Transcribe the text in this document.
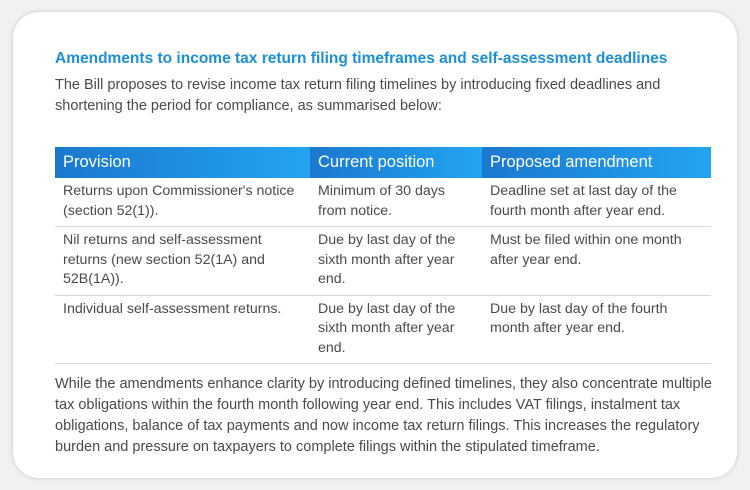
Amendments to income tax return filing timeframes and self-assessment deadlines
The Bill proposes to revise income tax return filing timelines by introducing fixed deadlines and shortening the period for compliance, as summarised below:
Provision	Current position	Proposed amendment
Returns upon Commissioner's notice (section 52(1)).	Minimum of 30 days from notice.	Deadline set at last day of the fourth month after year end.
Nil returns and self-assessment returns (new section 52(1A) and 52B(1A)).	Due by last day of the sixth month after year end.	Must be filed within one month after year end.
Individual self-assessment returns.	Due by last day of the sixth month after year end.	Due by last day of the fourth month after year end.
While the amendments enhance clarity by introducing defined timelines, they also concentrate multiple tax obligations within the fourth month following year end. This includes VAT filings, instalment tax obligations, balance of tax payments and now income tax return filings. This increases the regulatory burden and pressure on taxpayers to complete filings within the stipulated timeframe.
